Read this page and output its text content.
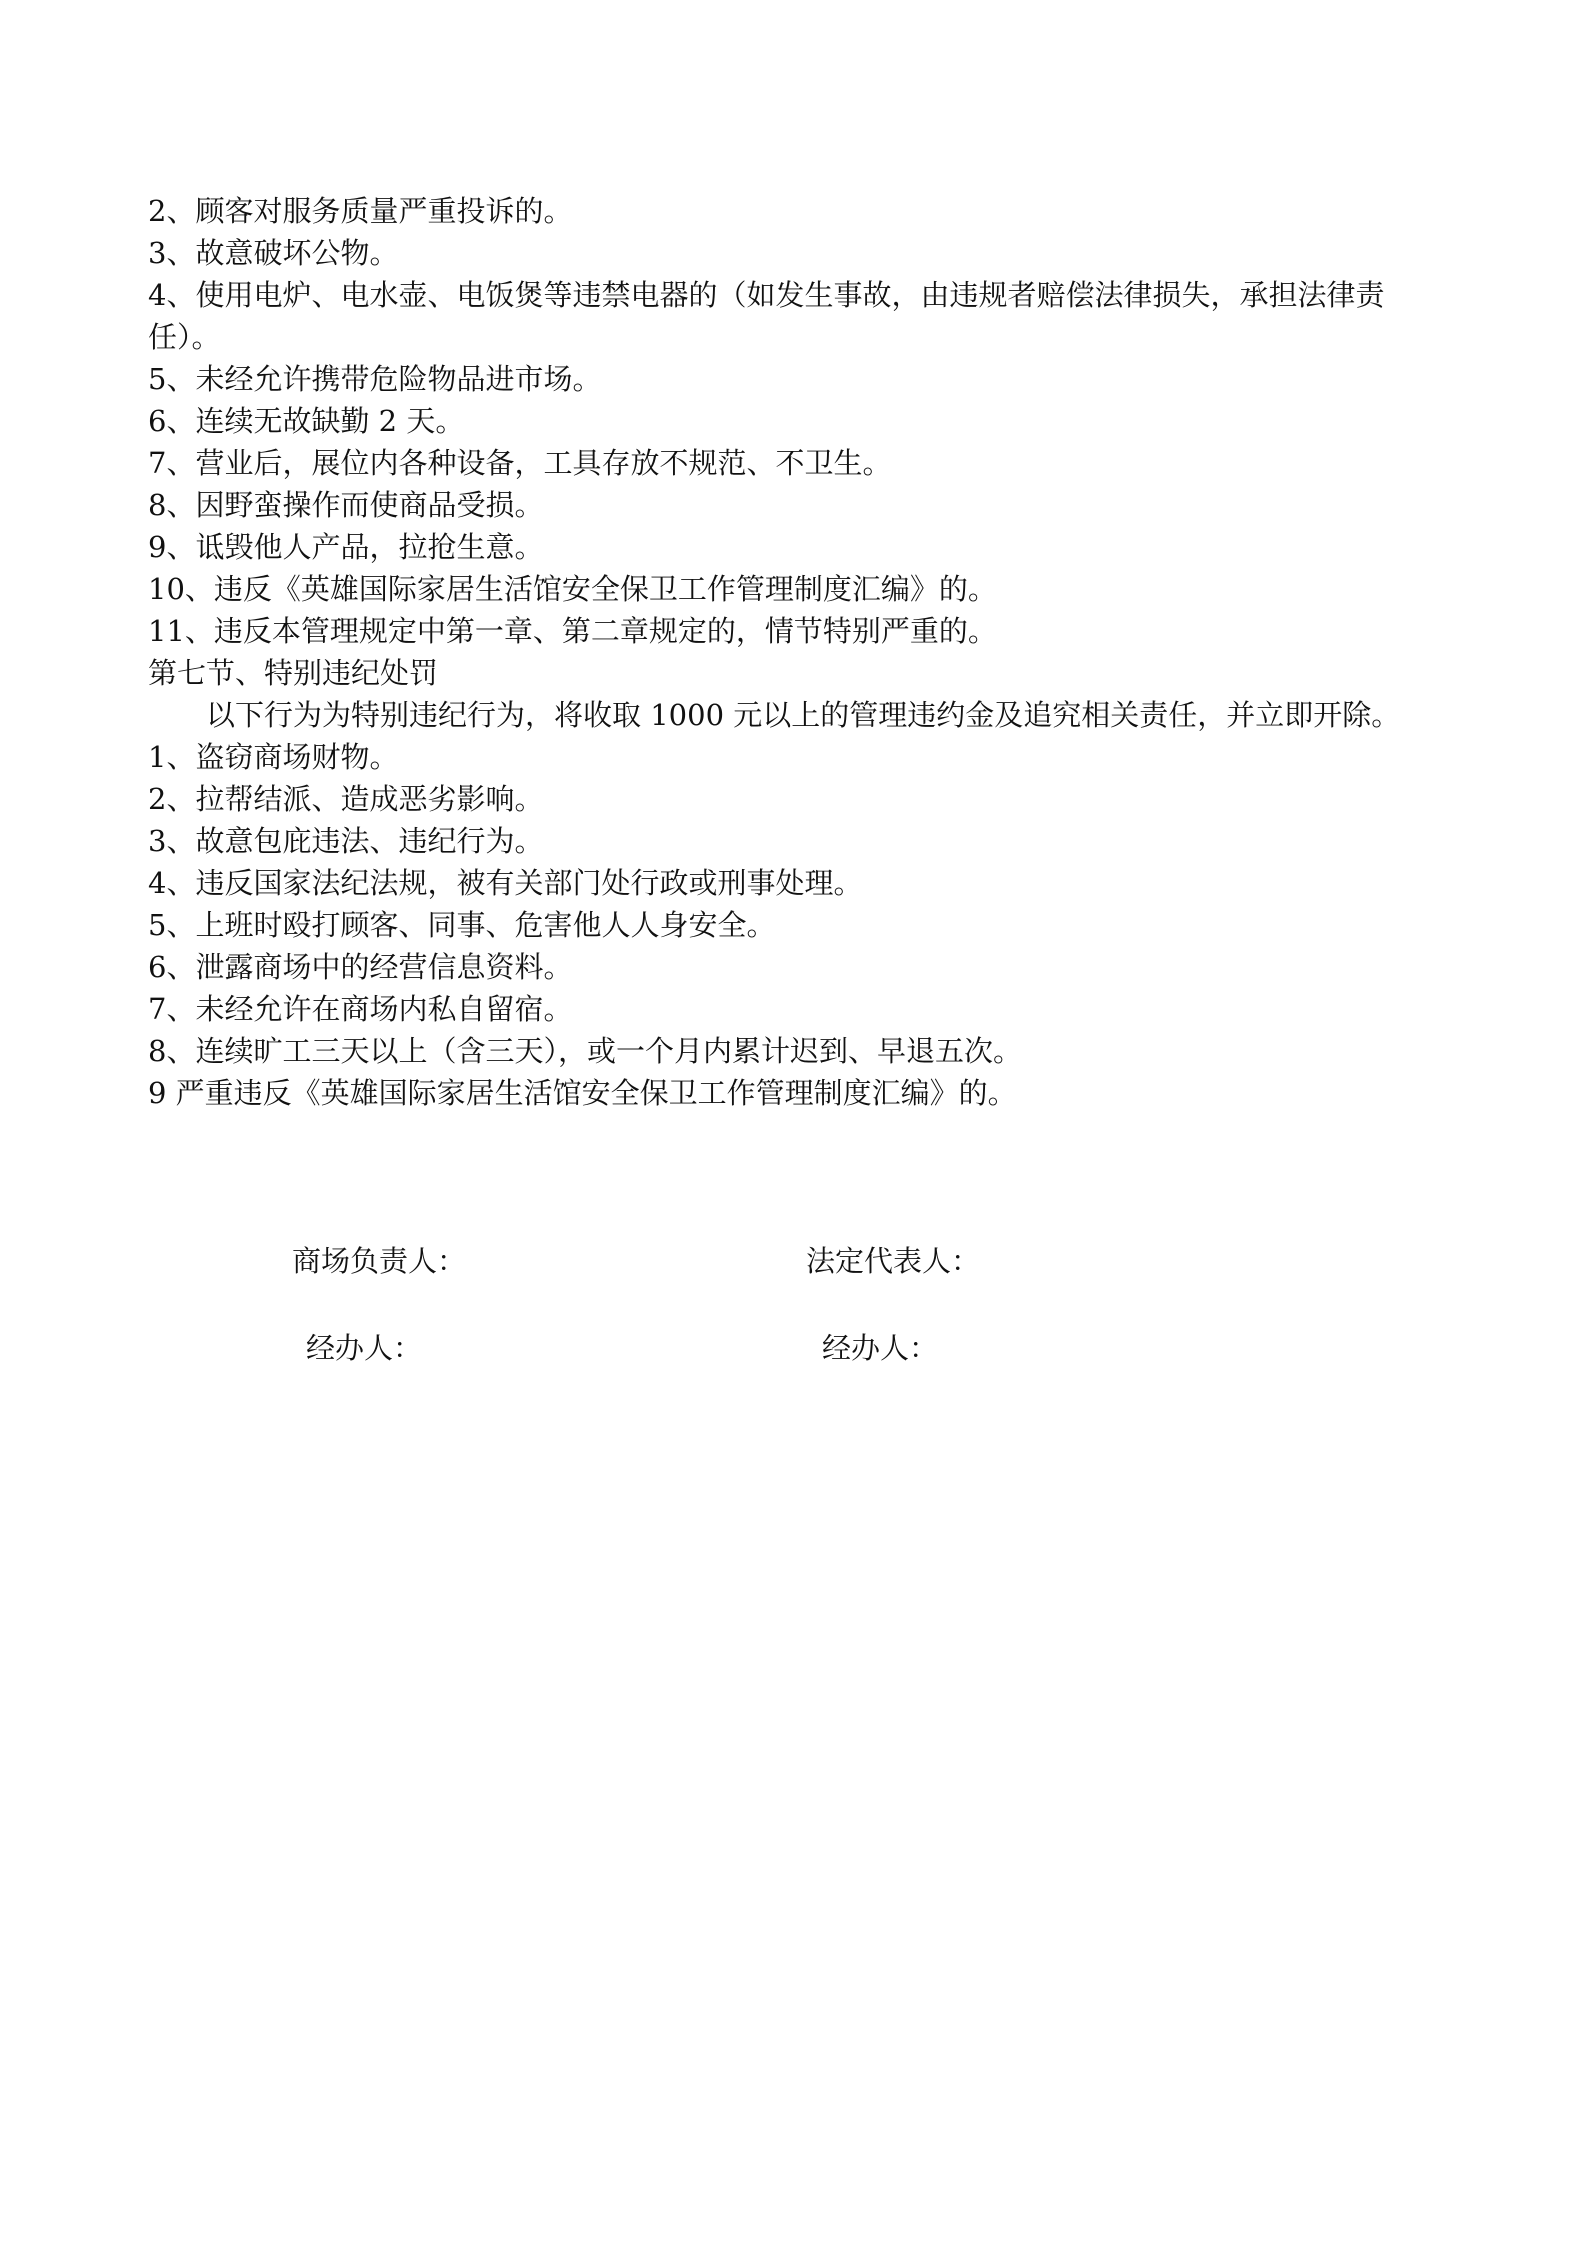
2、顾客对服务质量严重投诉的。

3、故意破坏公物。

4、使用电炉、电水壶、电饭煲等违禁电器的（如发生事故，由违规者赔偿法律损失，承担法律责任）。

5、未经允许携带危险物品进市场。

6、连续无故缺勤 2 天。

7、营业后，展位内各种设备，工具存放不规范、不卫生。

8、因野蛮操作而使商品受损。

9、诋毁他人产品，拉抢生意。

10、违反《英雄国际家居生活馆安全保卫工作管理制度汇编》的。

11、违反本管理规定中第一章、第二章规定的，情节特别严重的。

第七节、特别违纪处罚

以下行为为特别违纪行为，将收取 1000 元以上的管理违约金及追究相关责任，并立即开除。

1、盗窃商场财物。

2、拉帮结派、造成恶劣影响。

3、故意包庇违法、违纪行为。

4、违反国家法纪法规，被有关部门处行政或刑事处理。

5、上班时殴打顾客、同事、危害他人人身安全。

6、泄露商场中的经营信息资料。

7、未经允许在商场内私自留宿。

8、连续旷工三天以上（含三天），或一个月内累计迟到、早退五次。

9 严重违反《英雄国际家居生活馆安全保卫工作管理制度汇编》的。

商场负责人：	法定代表人：
经办人：	经办人：
